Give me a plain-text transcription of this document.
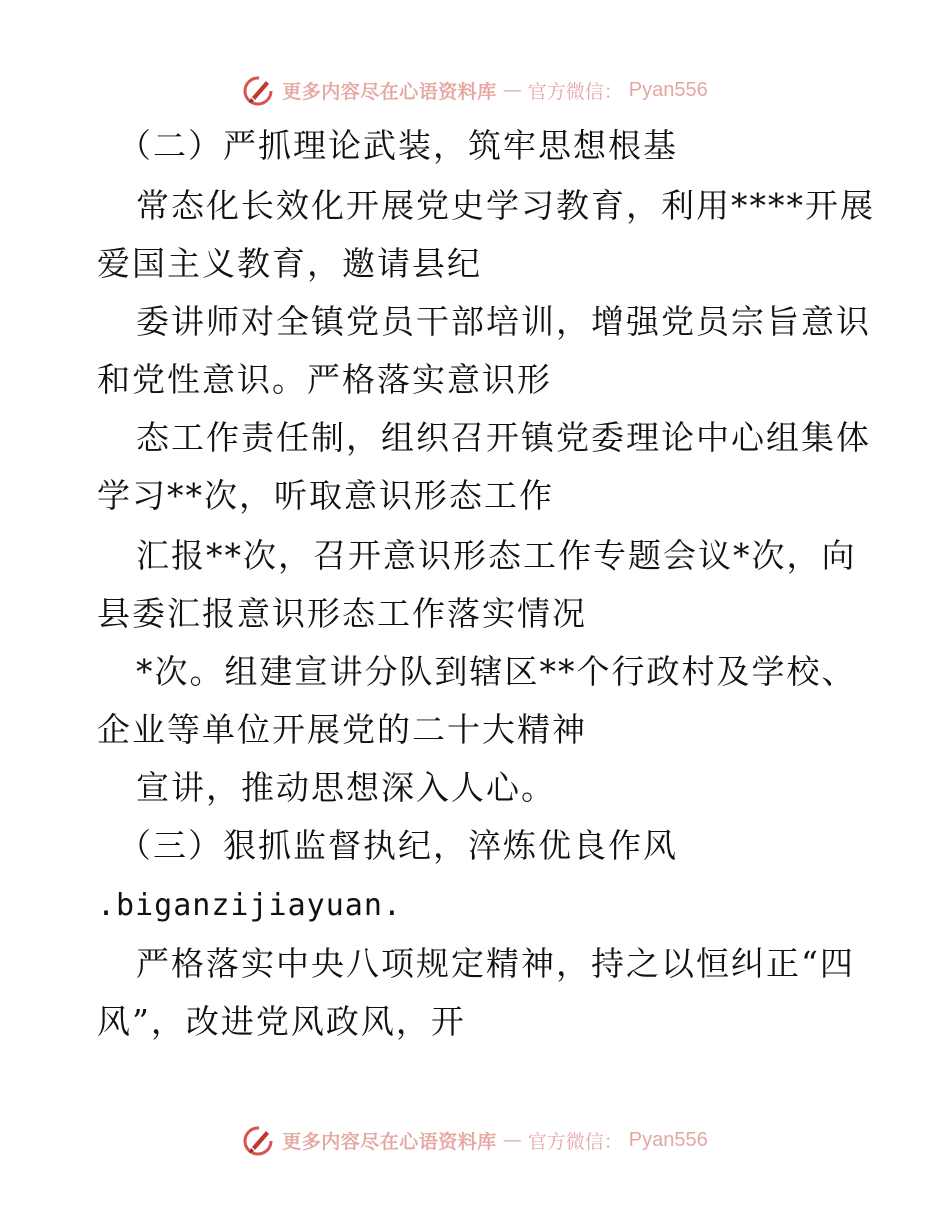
更多内容尽在心语资料库 — 官方微信： Pyan556
（二）严抓理论武装，筑牢思想根基
常态化长效化开展党史学习教育，利用****开展
爱国主义教育，邀请县纪
委讲师对全镇党员干部培训，增强党员宗旨意识
和党性意识。严格落实意识形
态工作责任制，组织召开镇党委理论中心组集体
学习**次，听取意识形态工作
汇报**次，召开意识形态工作专题会议*次，向
县委汇报意识形态工作落实情况
*次。组建宣讲分队到辖区**个行政村及学校、
企业等单位开展党的二十大精神
宣讲，推动思想深入人心。
（三）狠抓监督执纪，淬炼优良作风
.biganzijiayuan.
严格落实中央八项规定精神，持之以恒纠正“四
风”，改进党风政风，开
更多内容尽在心语资料库 — 官方微信： Pyan556
